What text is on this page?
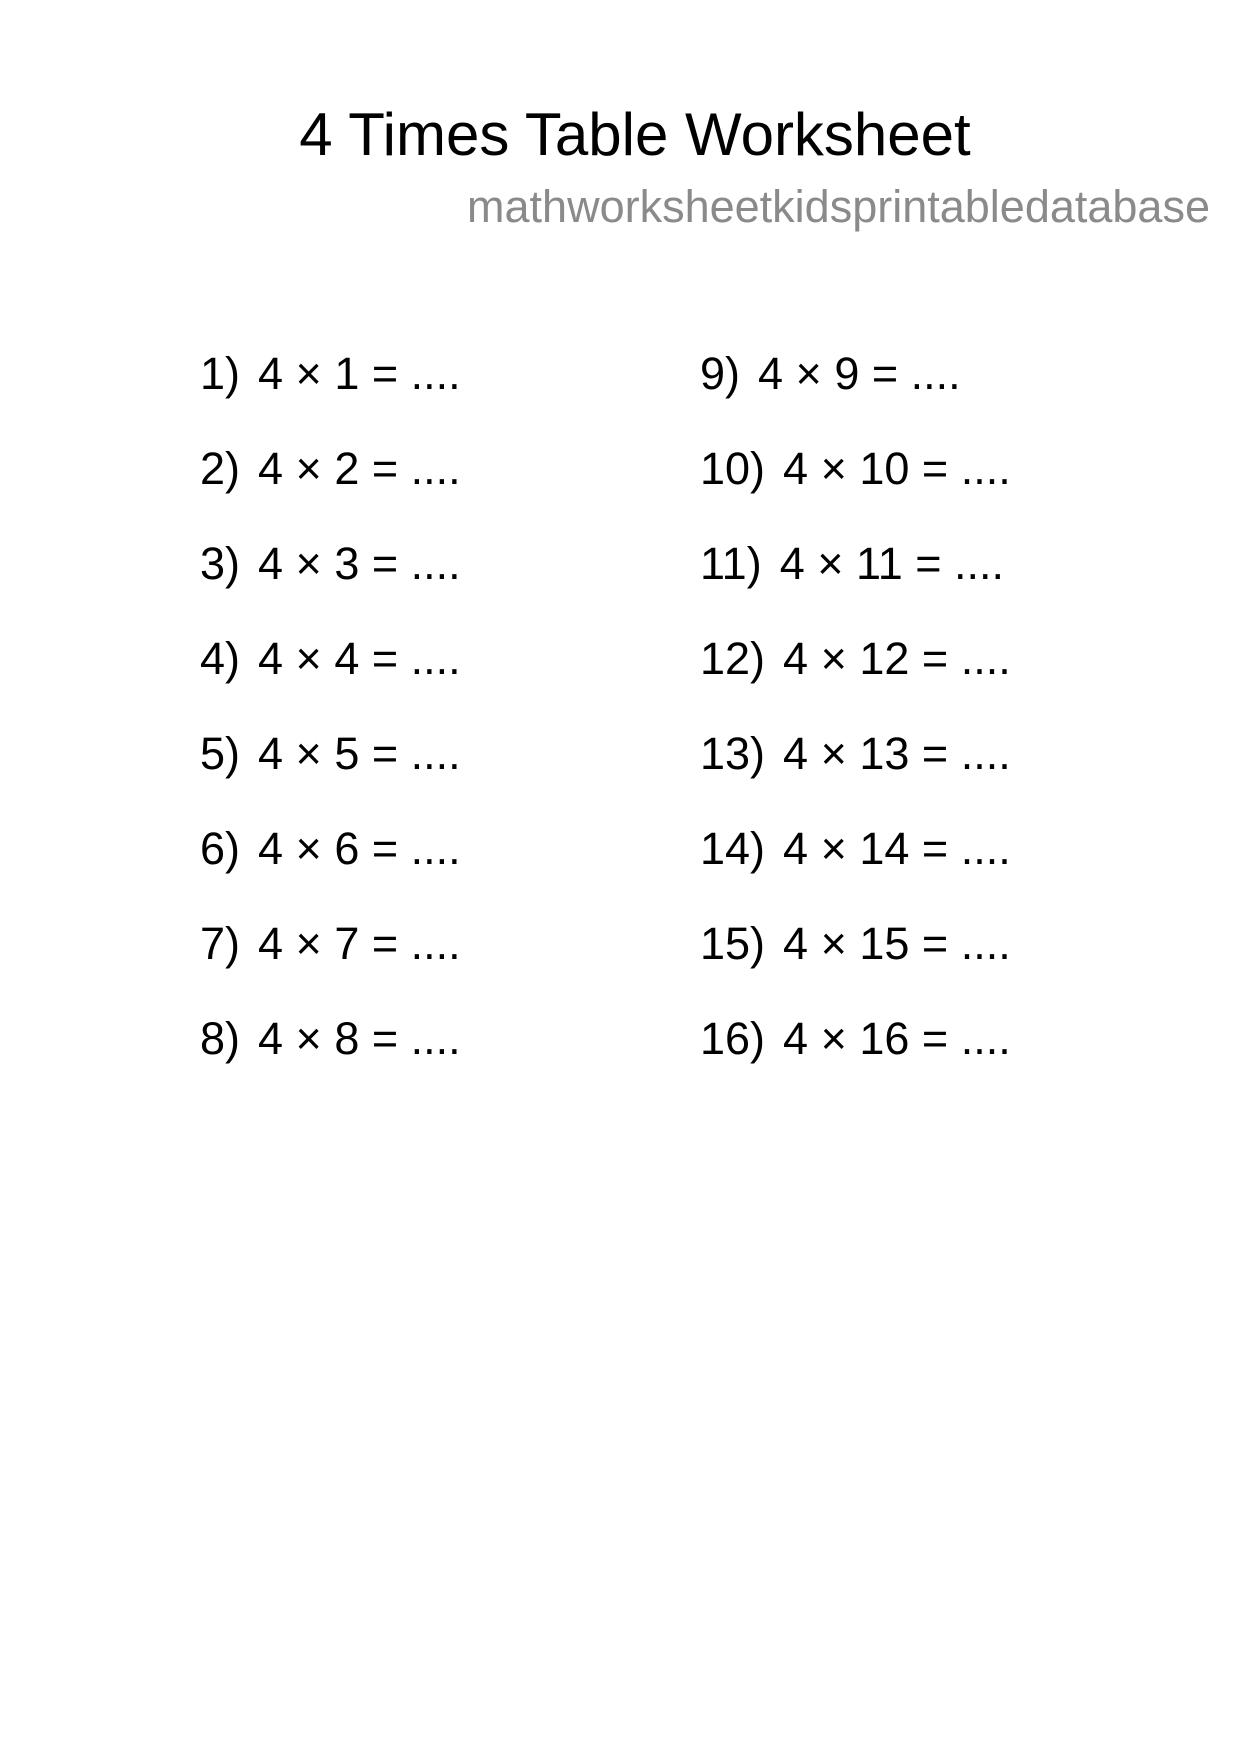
4 Times Table Worksheet
mathworksheetkidsprintabledatabase
1) 4 × 1 = ....
2) 4 × 2 = ....
3) 4 × 3 = ....
4) 4 × 4 = ....
5) 4 × 5 = ....
6) 4 × 6 = ....
7) 4 × 7 = ....
8) 4 × 8 = ....
9) 4 × 9 = ....
10) 4 × 10 = ....
11) 4 × 11 = ....
12) 4 × 12 = ....
13) 4 × 13 = ....
14) 4 × 14 = ....
15) 4 × 15 = ....
16) 4 × 16 = ....
